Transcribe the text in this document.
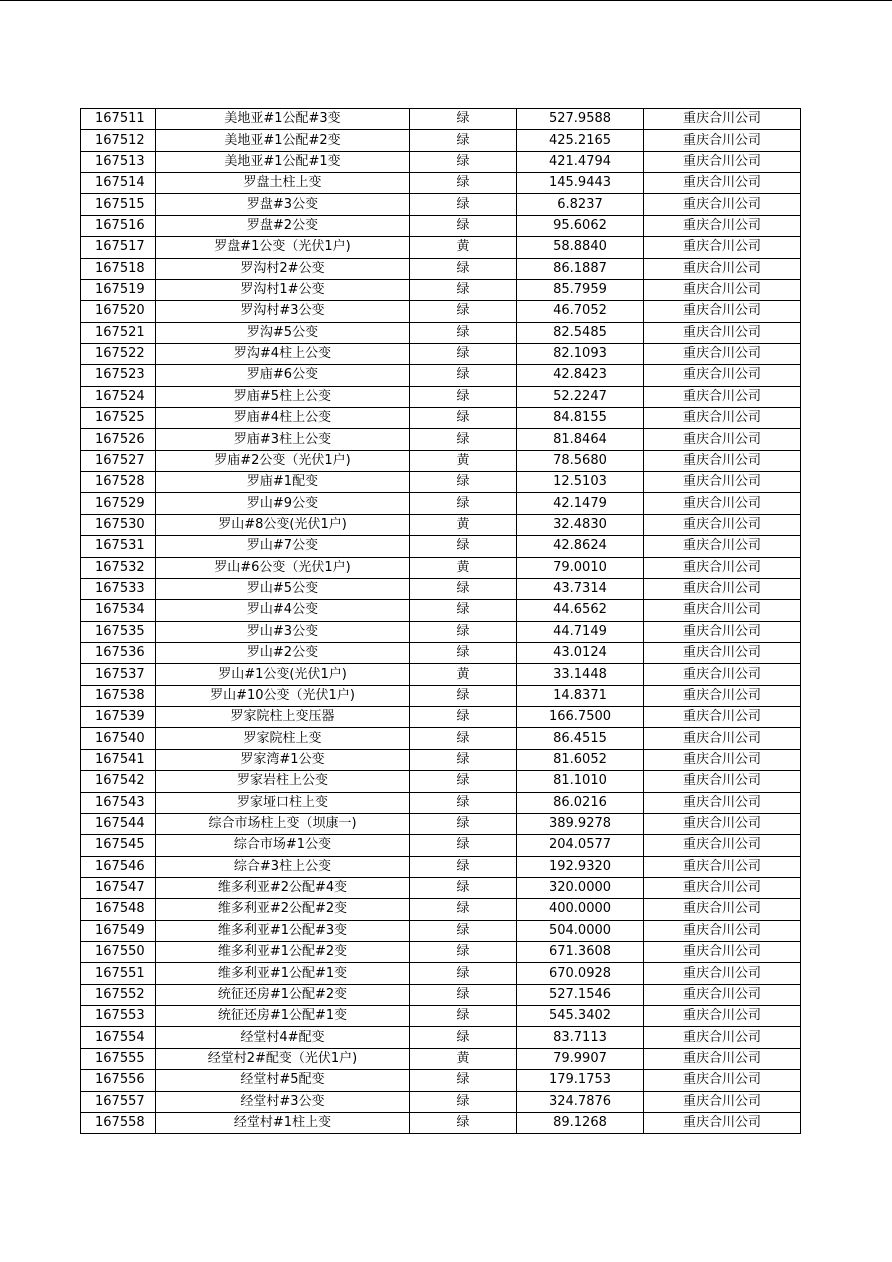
167511	美地亚#1公配#3变	绿	527.9588	重庆合川公司
167512	美地亚#1公配#2变	绿	425.2165	重庆合川公司
167513	美地亚#1公配#1变	绿	421.4794	重庆合川公司
167514	罗盘土柱上变	绿	145.9443	重庆合川公司
167515	罗盘#3公变	绿	6.8237	重庆合川公司
167516	罗盘#2公变	绿	95.6062	重庆合川公司
167517	罗盘#1公变（光伏1户)	黄	58.8840	重庆合川公司
167518	罗沟村2#公变	绿	86.1887	重庆合川公司
167519	罗沟村1#公变	绿	85.7959	重庆合川公司
167520	罗沟村#3公变	绿	46.7052	重庆合川公司
167521	罗沟#5公变	绿	82.5485	重庆合川公司
167522	罗沟#4柱上公变	绿	82.1093	重庆合川公司
167523	罗庙#6公变	绿	42.8423	重庆合川公司
167524	罗庙#5柱上公变	绿	52.2247	重庆合川公司
167525	罗庙#4柱上公变	绿	84.8155	重庆合川公司
167526	罗庙#3柱上公变	绿	81.8464	重庆合川公司
167527	罗庙#2公变（光伏1户)	黄	78.5680	重庆合川公司
167528	罗庙#1配变	绿	12.5103	重庆合川公司
167529	罗山#9公变	绿	42.1479	重庆合川公司
167530	罗山#8公变(光伏1户)	黄	32.4830	重庆合川公司
167531	罗山#7公变	绿	42.8624	重庆合川公司
167532	罗山#6公变（光伏1户)	黄	79.0010	重庆合川公司
167533	罗山#5公变	绿	43.7314	重庆合川公司
167534	罗山#4公变	绿	44.6562	重庆合川公司
167535	罗山#3公变	绿	44.7149	重庆合川公司
167536	罗山#2公变	绿	43.0124	重庆合川公司
167537	罗山#1公变(光伏1户)	黄	33.1448	重庆合川公司
167538	罗山#10公变（光伏1户)	绿	14.8371	重庆合川公司
167539	罗家院柱上变压器	绿	166.7500	重庆合川公司
167540	罗家院柱上变	绿	86.4515	重庆合川公司
167541	罗家湾#1公变	绿	81.6052	重庆合川公司
167542	罗家岩柱上公变	绿	81.1010	重庆合川公司
167543	罗家垭口柱上变	绿	86.0216	重庆合川公司
167544	综合市场柱上变（坝康一)	绿	389.9278	重庆合川公司
167545	综合市场#1公变	绿	204.0577	重庆合川公司
167546	综合#3柱上公变	绿	192.9320	重庆合川公司
167547	维多利亚#2公配#4变	绿	320.0000	重庆合川公司
167548	维多利亚#2公配#2变	绿	400.0000	重庆合川公司
167549	维多利亚#1公配#3变	绿	504.0000	重庆合川公司
167550	维多利亚#1公配#2变	绿	671.3608	重庆合川公司
167551	维多利亚#1公配#1变	绿	670.0928	重庆合川公司
167552	统征还房#1公配#2变	绿	527.1546	重庆合川公司
167553	统征还房#1公配#1变	绿	545.3402	重庆合川公司
167554	经堂村4#配变	绿	83.7113	重庆合川公司
167555	经堂村2#配变（光伏1户)	黄	79.9907	重庆合川公司
167556	经堂村#5配变	绿	179.1753	重庆合川公司
167557	经堂村#3公变	绿	324.7876	重庆合川公司
167558	经堂村#1柱上变	绿	89.1268	重庆合川公司
